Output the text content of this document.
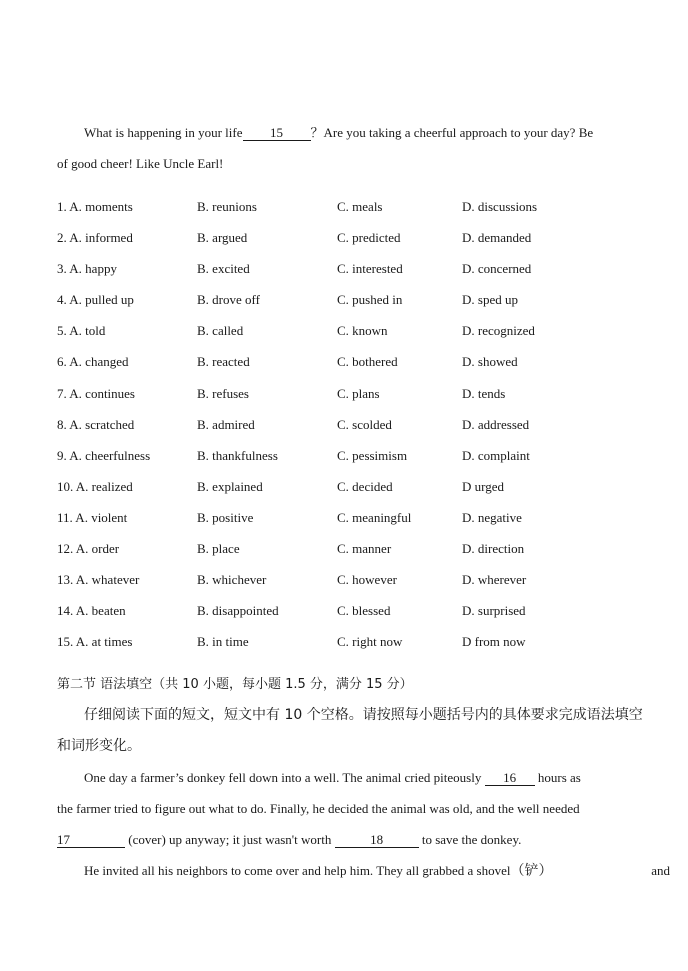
What is happening in your life 15 ？Are you taking a cheerful approach to your day? Be
of good cheer! Like Uncle Earl!
1. A. moments	B. reunions	C. meals	D. discussions
2. A. informed	B. argued	C. predicted	D. demanded
3. A. happy	B. excited	C. interested	D. concerned
4. A. pulled up	B. drove off	C. pushed in	D. sped up
5. A. told	B. called	C. known	D. recognized
6. A. changed	B. reacted	C. bothered	D. showed
7. A. continues	B. refuses	C. plans	D. tends
8. A. scratched	B. admired	C. scolded	D. addressed
9. A. cheerfulness	B. thankfulness	C. pessimism	D. complaint
10. A. realized	B. explained	C. decided	D urged
11. A. violent	B. positive	C. meaningful	D. negative
12. A. order	B. place	C. manner	D. direction
13. A. whatever	B. whichever	C. however	D. wherever
14. A. beaten	B. disappointed	C. blessed	D. surprised
15. A. at times	B. in time	C. right now	D from now
第二节 语法填空（共 10 小题，每小题 1.5 分，满分 15 分）
仔细阅读下面的短文，短文中有 10 个空格。请按照每小题括号内的具体要求完成语法填空
和词形变化。
One day a farmer’s donkey fell down into a well. The animal cried piteously 16 hours as
the farmer tried to figure out what to do. Finally, he decided the animal was old, and the well needed
17	(cover) up anyway; it just wasn't worth	18	to save the donkey.
He invited all his neighbors to come over and help him. They all grabbed a shovel（铲）	and
